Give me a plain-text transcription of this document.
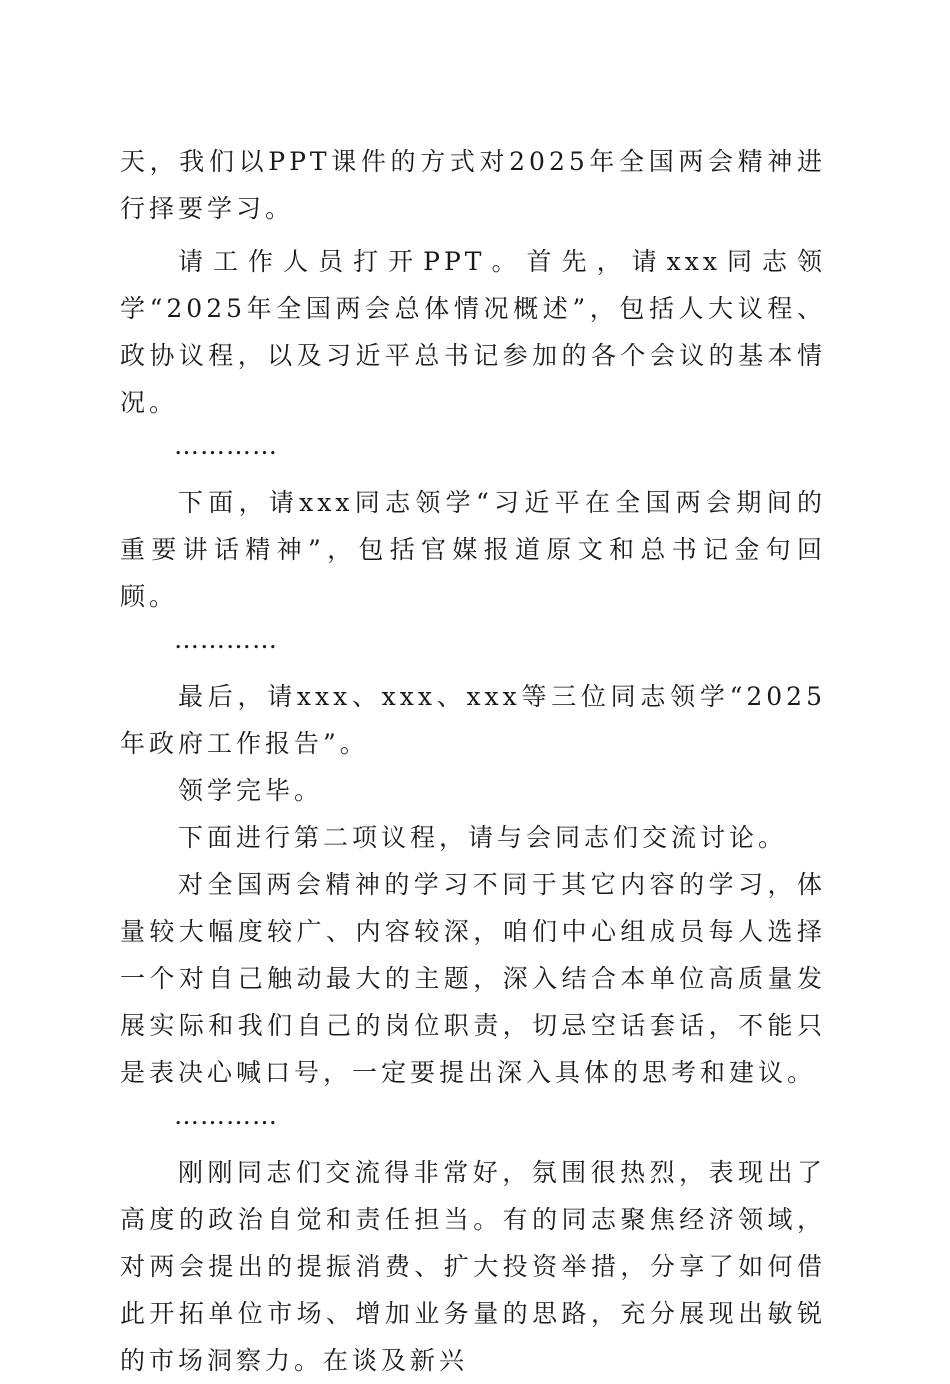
天，我们以PPT课件的方式对2025年全国两会精神进行择要学习。

请工作人员打开PPT。首先，请xxx同志领学“2025年全国两会总体情况概述”，包括人大议程、政协议程，以及习近平总书记参加的各个会议的基本情况。

…………

下面，请xxx同志领学“习近平在全国两会期间的重要讲话精神”，包括官媒报道原文和总书记金句回顾。

…………

最后，请xxx、xxx、xxx等三位同志领学“2025年政府工作报告”。

领学完毕。

下面进行第二项议程，请与会同志们交流讨论。

对全国两会精神的学习不同于其它内容的学习，体量较大幅度较广、内容较深，咱们中心组成员每人选择一个对自己触动最大的主题，深入结合本单位高质量发展实际和我们自己的岗位职责，切忌空话套话，不能只是表决心喊口号，一定要提出深入具体的思考和建议。

…………

刚刚同志们交流得非常好，氛围很热烈，表现出了高度的政治自觉和责任担当。有的同志聚焦经济领域，对两会提出的提振消费、扩大投资举措，分享了如何借此开拓单位市场、增加业务量的思路，充分展现出敏锐的市场洞察力。在谈及新兴
